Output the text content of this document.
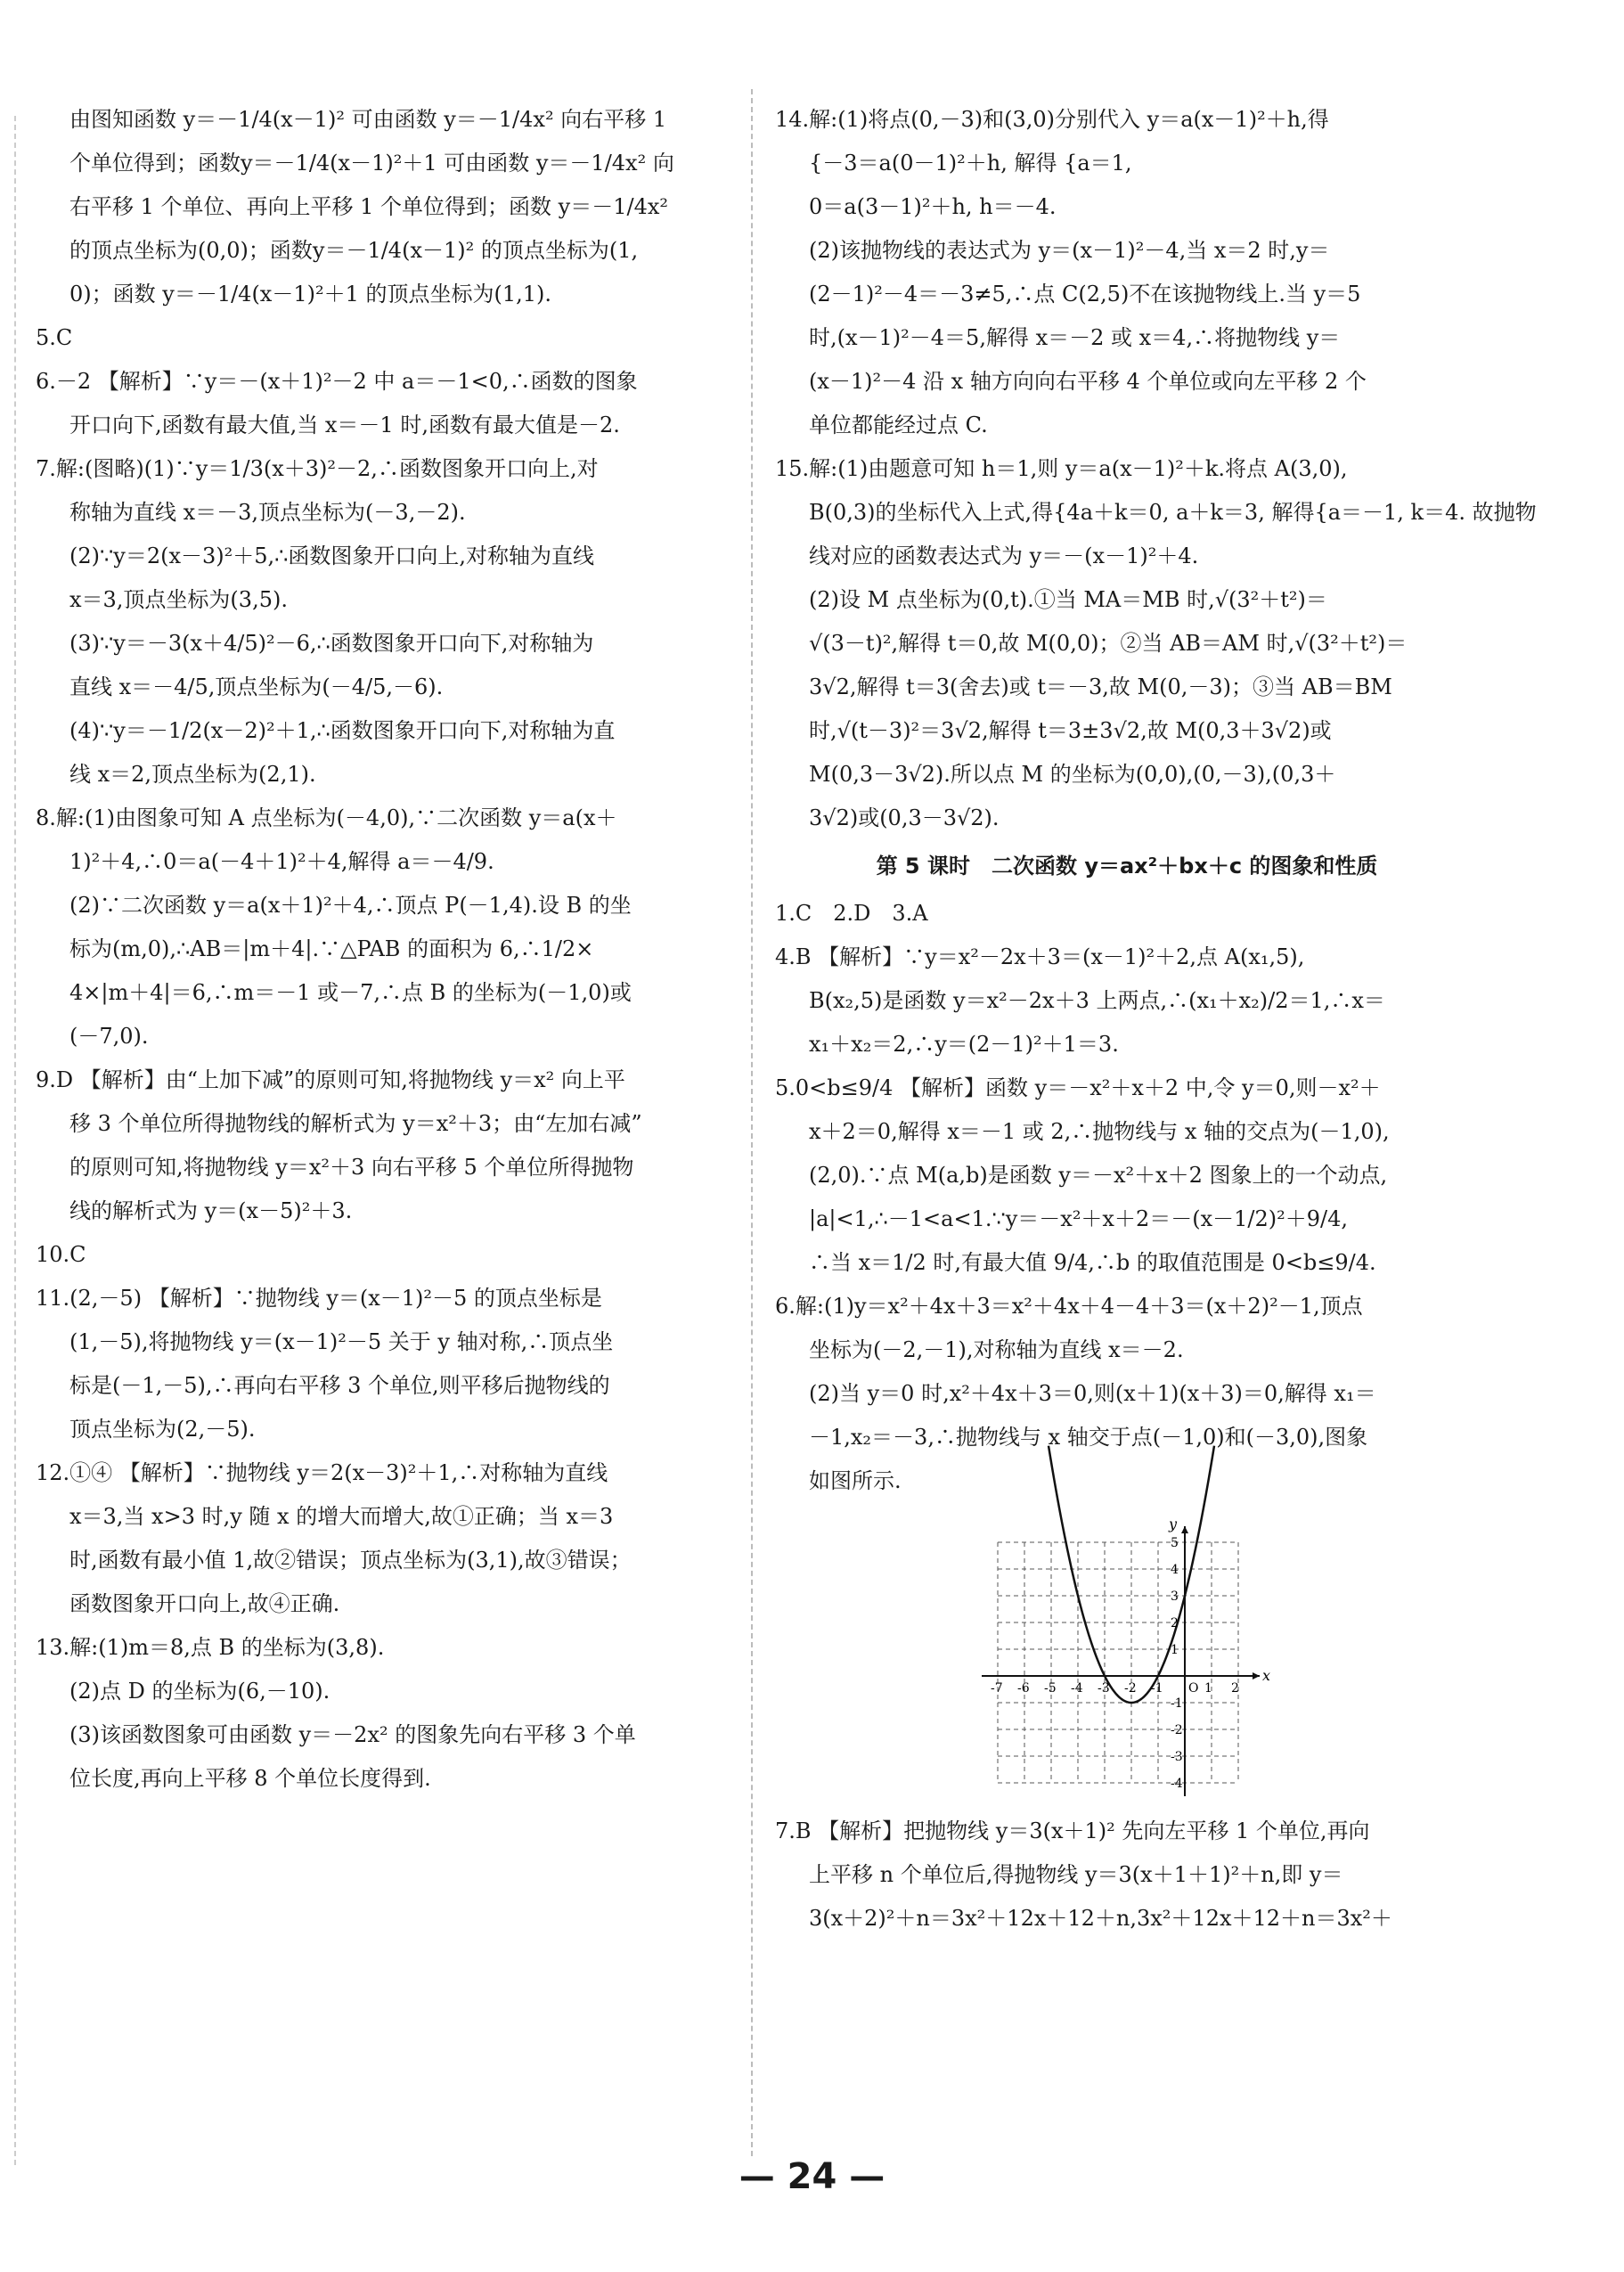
由图知函数 y＝－1/4(x－1)² 可由函数 y＝－1/4x² 向右平移 1
个单位得到；函数y＝－1/4(x－1)²＋1 可由函数 y＝－1/4x² 向
右平移 1 个单位、再向上平移 1 个单位得到；函数 y＝－1/4x²
的顶点坐标为(0,0)；函数y＝－1/4(x－1)² 的顶点坐标为(1,
0)；函数 y＝－1/4(x－1)²＋1 的顶点坐标为(1,1).
5.C
6.－2 【解析】∵y＝－(x＋1)²－2 中 a＝－1<0,∴函数的图象
开口向下,函数有最大值,当 x＝－1 时,函数有最大值是－2.
7.解:(图略)(1)∵y＝1/3(x＋3)²－2,∴函数图象开口向上,对
称轴为直线 x＝－3,顶点坐标为(－3,－2).
(2)∵y＝2(x－3)²＋5,∴函数图象开口向上,对称轴为直线
x＝3,顶点坐标为(3,5).
(3)∵y＝－3(x＋4/5)²－6,∴函数图象开口向下,对称轴为
直线 x＝－4/5,顶点坐标为(－4/5,－6).
(4)∵y＝－1/2(x－2)²＋1,∴函数图象开口向下,对称轴为直
线 x＝2,顶点坐标为(2,1).
8.解:(1)由图象可知 A 点坐标为(－4,0),∵二次函数 y＝a(x＋
1)²＋4,∴0＝a(－4＋1)²＋4,解得 a＝－4/9.
(2)∵二次函数 y＝a(x＋1)²＋4,∴顶点 P(－1,4).设 B 的坐
标为(m,0),∴AB＝|m＋4|.∵△PAB 的面积为 6,∴1/2×
4×|m＋4|＝6,∴m＝－1 或－7,∴点 B 的坐标为(－1,0)或
(－7,0).
9.D 【解析】由“上加下减”的原则可知,将抛物线 y＝x² 向上平
移 3 个单位所得抛物线的解析式为 y＝x²＋3；由“左加右减”
的原则可知,将抛物线 y＝x²＋3 向右平移 5 个单位所得抛物
线的解析式为 y＝(x－5)²＋3.
10.C
11.(2,－5) 【解析】∵抛物线 y＝(x－1)²－5 的顶点坐标是
(1,－5),将抛物线 y＝(x－1)²－5 关于 y 轴对称,∴顶点坐
标是(－1,－5),∴再向右平移 3 个单位,则平移后抛物线的
顶点坐标为(2,－5).
12.①④ 【解析】∵抛物线 y＝2(x－3)²＋1,∴对称轴为直线
x＝3,当 x>3 时,y 随 x 的增大而增大,故①正确；当 x＝3
时,函数有最小值 1,故②错误；顶点坐标为(3,1),故③错误；
函数图象开口向上,故④正确.
13.解:(1)m＝8,点 B 的坐标为(3,8).
(2)点 D 的坐标为(6,－10).
(3)该函数图象可由函数 y＝－2x² 的图象先向右平移 3 个单
位长度,再向上平移 8 个单位长度得到.
14.解:(1)将点(0,－3)和(3,0)分别代入 y＝a(x－1)²＋h,得
{－3＝a(0－1)²＋h, 解得 {a＝1,
0＝a(3－1)²＋h, h＝－4.
(2)该抛物线的表达式为 y＝(x－1)²－4,当 x＝2 时,y＝
(2－1)²－4＝－3≠5,∴点 C(2,5)不在该抛物线上.当 y＝5
时,(x－1)²－4＝5,解得 x＝－2 或 x＝4,∴将抛物线 y＝
(x－1)²－4 沿 x 轴方向向右平移 4 个单位或向左平移 2 个
单位都能经过点 C.
15.解:(1)由题意可知 h＝1,则 y＝a(x－1)²＋k.将点 A(3,0),
B(0,3)的坐标代入上式,得{4a＋k＝0, a＋k＝3, 解得{a＝－1, k＝4. 故抛物
线对应的函数表达式为 y＝－(x－1)²＋4.
(2)设 M 点坐标为(0,t).①当 MA＝MB 时,√(3²＋t²)＝
√(3－t)²,解得 t＝0,故 M(0,0)；②当 AB＝AM 时,√(3²＋t²)＝
3√2,解得 t＝3(舍去)或 t＝－3,故 M(0,－3)；③当 AB＝BM
时,√(t－3)²＝3√2,解得 t＝3±3√2,故 M(0,3＋3√2)或
M(0,3－3√2).所以点 M 的坐标为(0,0),(0,－3),(0,3＋
3√2)或(0,3－3√2).
第 5 课时　二次函数 y＝ax²＋bx＋c 的图象和性质
1.C　2.D　3.A
4.B 【解析】∵y＝x²－2x＋3＝(x－1)²＋2,点 A(x₁,5),
B(x₂,5)是函数 y＝x²－2x＋3 上两点,∴(x₁＋x₂)/2＝1,∴x＝
x₁＋x₂＝2,∴y＝(2－1)²＋1＝3.
5.0<b≤9/4 【解析】函数 y＝－x²＋x＋2 中,令 y＝0,则－x²＋
x＋2＝0,解得 x＝－1 或 2,∴抛物线与 x 轴的交点为(－1,0),
(2,0).∵点 M(a,b)是函数 y＝－x²＋x＋2 图象上的一个动点,
|a|<1,∴－1<a<1.∵y＝－x²＋x＋2＝－(x－1/2)²＋9/4,
∴当 x＝1/2 时,有最大值 9/4,∴b 的取值范围是 0<b≤9/4.
6.解:(1)y＝x²＋4x＋3＝x²＋4x＋4－4＋3＝(x＋2)²－1,顶点
坐标为(－2,－1),对称轴为直线 x＝－2.
(2)当 y＝0 时,x²＋4x＋3＝0,则(x＋1)(x＋3)＝0,解得 x₁＝
－1,x₂＝－3,∴抛物线与 x 轴交于点(－1,0)和(－3,0),图象
如图所示.
-7 -6 -5 -4 -3 -2 -1	1 2
5
4
3
2
1
-1
-2
-3
-4
O
x
y
7.B 【解析】把抛物线 y＝3(x＋1)² 先向左平移 1 个单位,再向
上平移 n 个单位后,得抛物线 y＝3(x＋1＋1)²＋n,即 y＝
3(x＋2)²＋n＝3x²＋12x＋12＋n,3x²＋12x＋12＋n＝3x²＋
— 24 —
